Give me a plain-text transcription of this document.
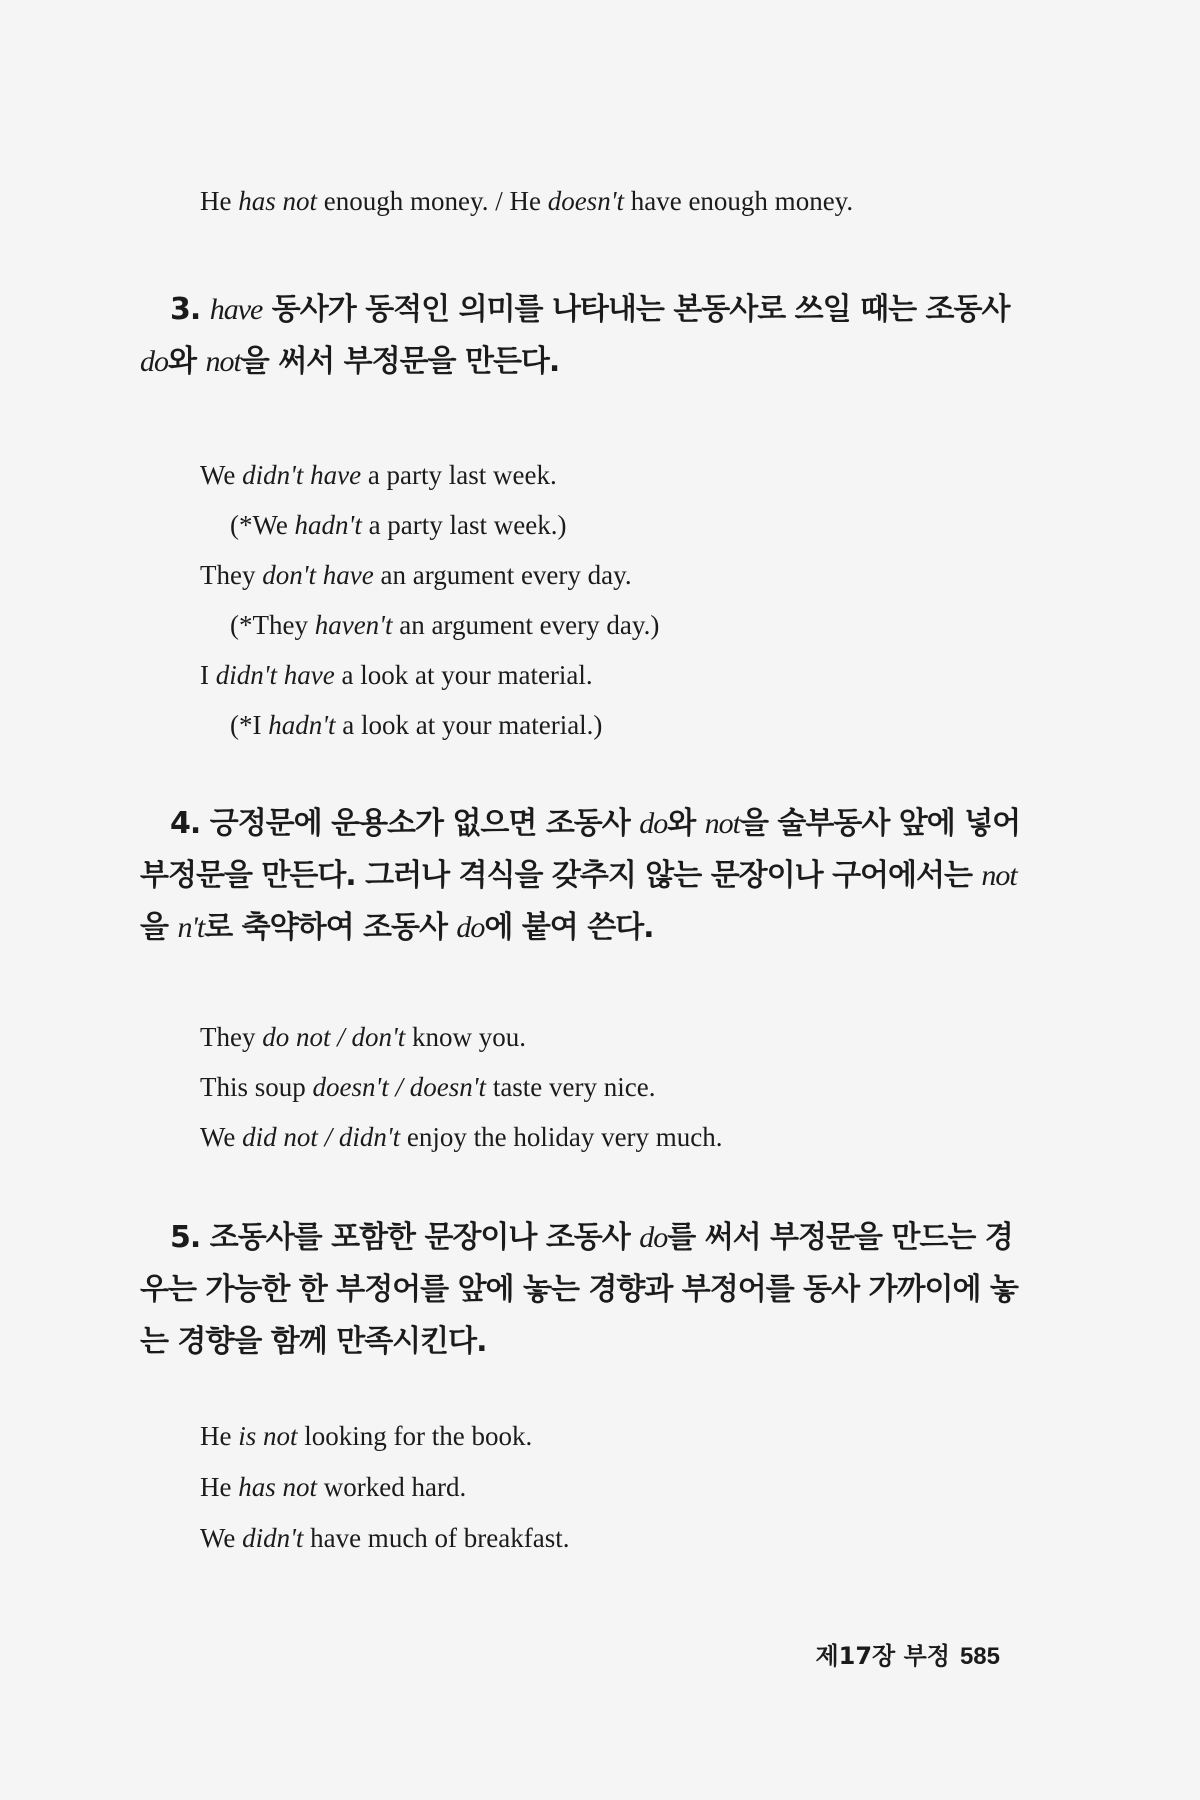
He has not enough money. / He doesn't have enough money.
3. have 동사가 동적인 의미를 나타내는 본동사로 쓰일 때는 조동사
do와 not을 써서 부정문을 만든다.
We didn't have a party last week.
(*We hadn't a party last week.)
They don't have an argument every day.
(*They haven't an argument every day.)
I didn't have a look at your material.
(*I hadn't a look at your material.)
4. 긍정문에 운용소가 없으면 조동사 do와 not을 술부동사 앞에 넣어
부정문을 만든다. 그러나 격식을 갖추지 않는 문장이나 구어에서는 not
을 n't로 축약하여 조동사 do에 붙여 쓴다.
They do not / don't know you.
This soup doesn't / doesn't taste very nice.
We did not / didn't enjoy the holiday very much.
5. 조동사를 포함한 문장이나 조동사 do를 써서 부정문을 만드는 경
우는 가능한 한 부정어를 앞에 놓는 경향과 부정어를 동사 가까이에 놓
는 경향을 함께 만족시킨다.
He is not looking for the book.
He has not worked hard.
We didn't have much of breakfast.
제17장 부정 585
